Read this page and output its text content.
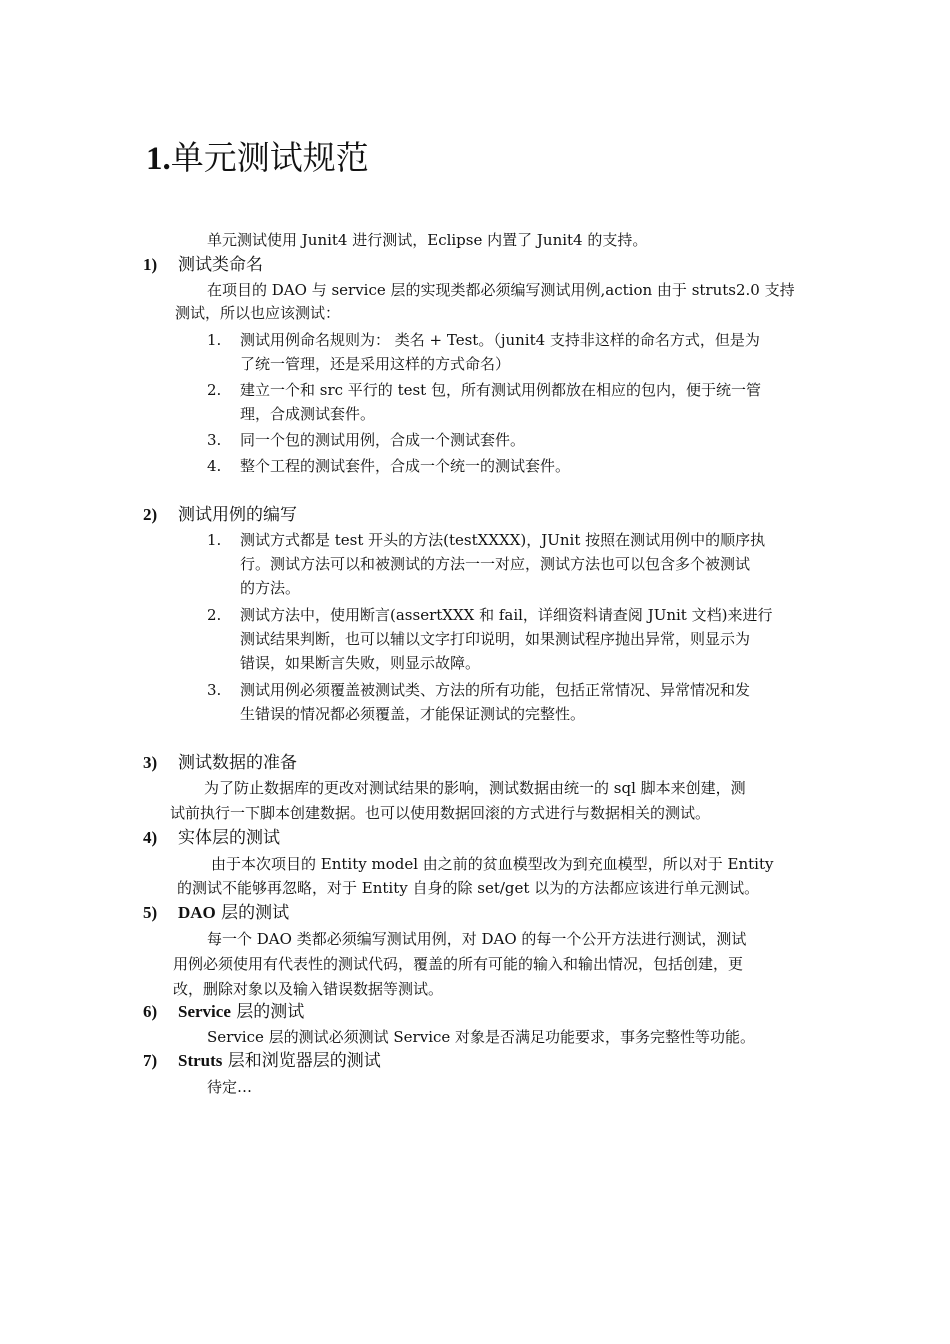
1.单元测试规范
单元测试使用 Junit4 进行测试，Eclipse 内置了 Junit4 的支持。
1) 测试类命名
在项目的 DAO 与 service 层的实现类都必须编写测试用例,action 由于 struts2.0 支持
测试，所以也应该测试：
1. 测试用例命名规则为： 类名 + Test。（junit4 支持非这样的命名方式，但是为
了统一管理，还是采用这样的方式命名）
2. 建立一个和 src 平行的 test 包，所有测试用例都放在相应的包内，便于统一管
理，合成测试套件。
3. 同一个包的测试用例，合成一个测试套件。
4. 整个工程的测试套件，合成一个统一的测试套件。
2) 测试用例的编写
1. 测试方式都是 test 开头的方法(testXXXX)，JUnit 按照在测试用例中的顺序执
行。测试方法可以和被测试的方法一一对应，测试方法也可以包含多个被测试
的方法。
2. 测试方法中，使用断言(assertXXX 和 fail，详细资料请查阅 JUnit 文档)来进行
测试结果判断，也可以辅以文字打印说明，如果测试程序抛出异常，则显示为
错误，如果断言失败，则显示故障。
3. 测试用例必须覆盖被测试类、方法的所有功能，包括正常情况、异常情况和发
生错误的情况都必须覆盖，才能保证测试的完整性。
3) 测试数据的准备
为了防止数据库的更改对测试结果的影响，测试数据由统一的 sql 脚本来创建，测
试前执行一下脚本创建数据。也可以使用数据回滚的方式进行与数据相关的测试。
4) 实体层的测试
由于本次项目的 Entity model 由之前的贫血模型改为到充血模型，所以对于 Entity
的测试不能够再忽略，对于 Entity 自身的除 set/get 以为的方法都应该进行单元测试。
5) DAO 层的测试
每一个 DAO 类都必须编写测试用例，对 DAO 的每一个公开方法进行测试，测试
用例必须使用有代表性的测试代码，覆盖的所有可能的输入和输出情况，包括创建，更
改，删除对象以及输入错误数据等测试。
6) Service 层的测试
Service 层的测试必须测试 Service 对象是否满足功能要求，事务完整性等功能。
7) Struts 层和浏览器层的测试
待定…
